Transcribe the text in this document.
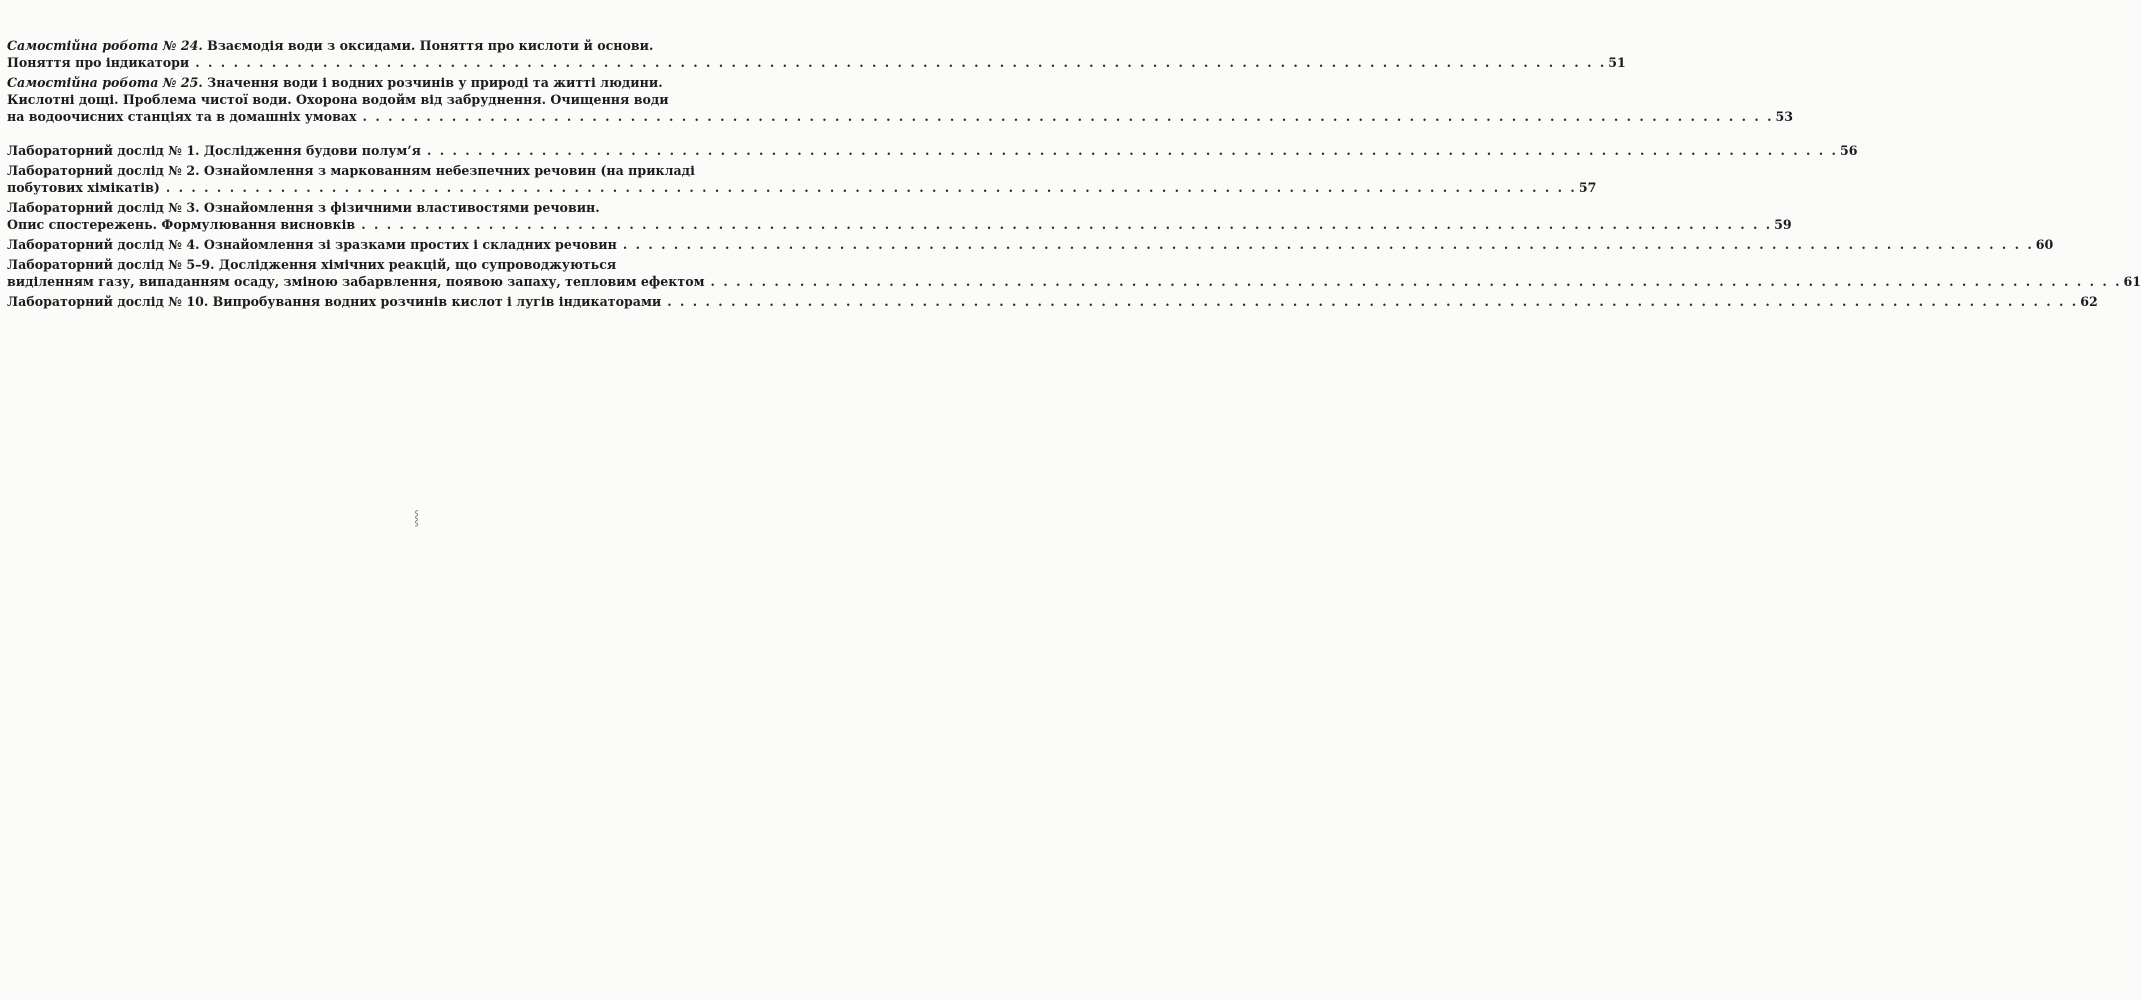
Самостійна робота № 24. Взаємодія води з оксидами. Поняття про кислоти й основи.
Поняття про індикатори . . . . . . . . . . . . . . . . . . . . . . . . . . . . . . . . . . . . . . . . . . . . . . . . . . . . . . . . . . . . . . . . . . . . . . . . . . . . . . . . . . . . . . . . . . . . . . . . . . . . . . . . . . . . . . . 51
Самостійна робота № 25. Значення води і водних розчинів у природі та житті людини.
Кислотні дощі. Проблема чистої води. Охорона водойм від забруднення. Очищення води
на водоочисних станціях та в домашніх умовах . . . . . . . . . . . . . . . . . . . . . . . . . . . . . . . . . . . . . . . . . . . . . . . . . . . . . . . . . . . . . . . . . . . . . . . . . . . . . . . . . . . . . . . . . . . . . . . . . . . . . . . . . . . . . . . 53
Лабораторний дослід № 1. Дослідження будови полум’я . . . . . . . . . . . . . . . . . . . . . . . . . . . . . . . . . . . . . . . . . . . . . . . . . . . . . . . . . . . . . . . . . . . . . . . . . . . . . . . . . . . . . . . . . . . . . . . . . . . . . . . . . . . . . . . 56
Лабораторний дослід № 2. Ознайомлення з маркованням небезпечних речовин (на прикладі
побутових хімікатів) . . . . . . . . . . . . . . . . . . . . . . . . . . . . . . . . . . . . . . . . . . . . . . . . . . . . . . . . . . . . . . . . . . . . . . . . . . . . . . . . . . . . . . . . . . . . . . . . . . . . . . . . . . . . . . . 57
Лабораторний дослід № 3. Ознайомлення з фізичними властивостями речовин.
Опис спостережень. Формулювання висновків . . . . . . . . . . . . . . . . . . . . . . . . . . . . . . . . . . . . . . . . . . . . . . . . . . . . . . . . . . . . . . . . . . . . . . . . . . . . . . . . . . . . . . . . . . . . . . . . . . . . . . . . . . . . . . . 59
Лабораторний дослід № 4. Ознайомлення зі зразками простих і складних речовин . . . . . . . . . . . . . . . . . . . . . . . . . . . . . . . . . . . . . . . . . . . . . . . . . . . . . . . . . . . . . . . . . . . . . . . . . . . . . . . . . . . . . . . . . . . . . . . . . . . . . . . . . . . . . . . 60
Лабораторний дослід № 5–9. Дослідження хімічних реакцій, що супроводжуються
виділенням газу, випаданням осаду, зміною забарвлення, появою запаху, тепловим ефектом . . . . . . . . . . . . . . . . . . . . . . . . . . . . . . . . . . . . . . . . . . . . . . . . . . . . . . . . . . . . . . . . . . . . . . . . . . . . . . . . . . . . . . . . . . . . . . . . . . . . . . . . . . . . . . . 61
Лабораторний дослід № 10. Випробування водних розчинів кислот і лугів індикаторами . . . . . . . . . . . . . . . . . . . . . . . . . . . . . . . . . . . . . . . . . . . . . . . . . . . . . . . . . . . . . . . . . . . . . . . . . . . . . . . . . . . . . . . . . . . . . . . . . . . . . . . . . . . . . . . 62
⸾
